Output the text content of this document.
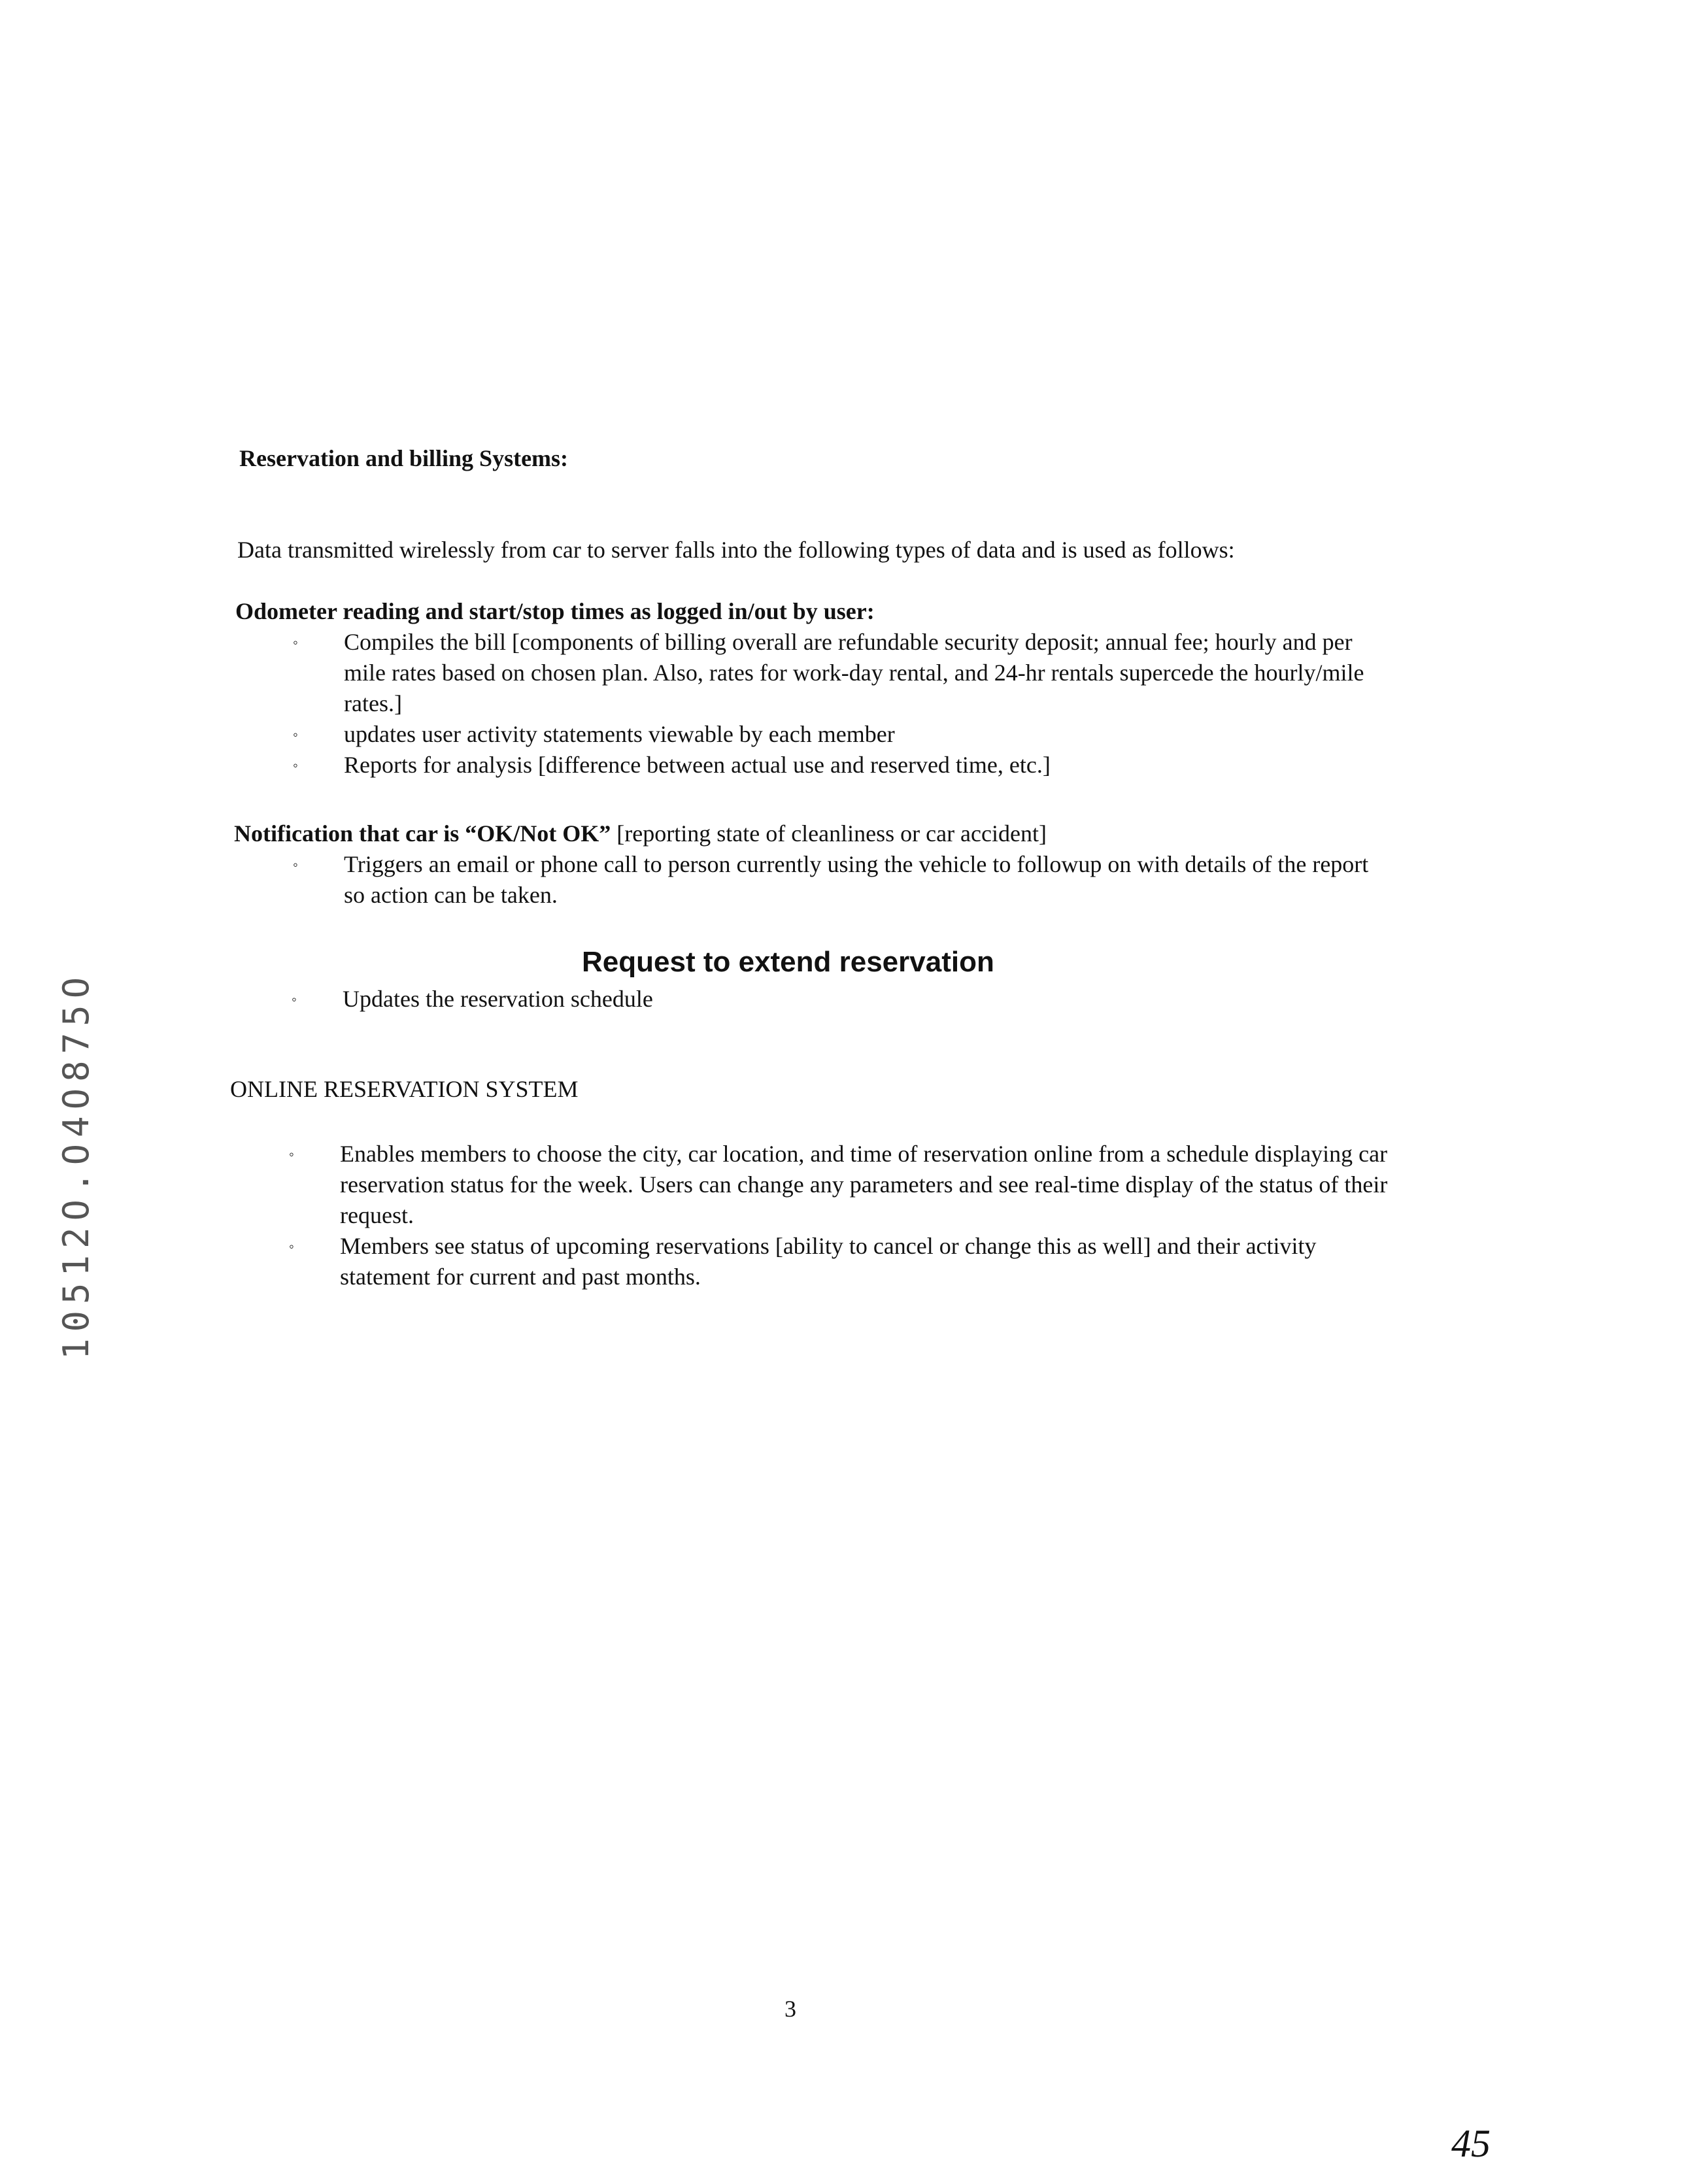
10512O.O4O875O
Reservation and billing Systems:
Data transmitted wirelessly from car to server falls into the following types of data and is used as follows:
Odometer reading and start/stop times as logged in/out by user:
◦ Compiles the bill [components of billing overall are refundable security deposit; annual fee; hourly and per mile rates based on chosen plan. Also, rates for work-day rental, and 24-hr rentals supercede the hourly/mile rates.]
◦ updates user activity statements viewable by each member
◦ Reports for analysis [difference between actual use and reserved time, etc.]
Notification that car is “OK/Not OK” [reporting state of cleanliness or car accident]
◦ Triggers an email or phone call to person currently using the vehicle to followup on with details of the report so action can be taken.
Request to extend reservation
◦ Updates the reservation schedule
ONLINE RESERVATION SYSTEM
◦ Enables members to choose the city, car location, and time of reservation online from a schedule displaying car reservation status for the week. Users can change any parameters and see real-time display of the status of their request.
◦ Members see status of upcoming reservations [ability to cancel or change this as well] and their activity statement for current and past months.
3
45
